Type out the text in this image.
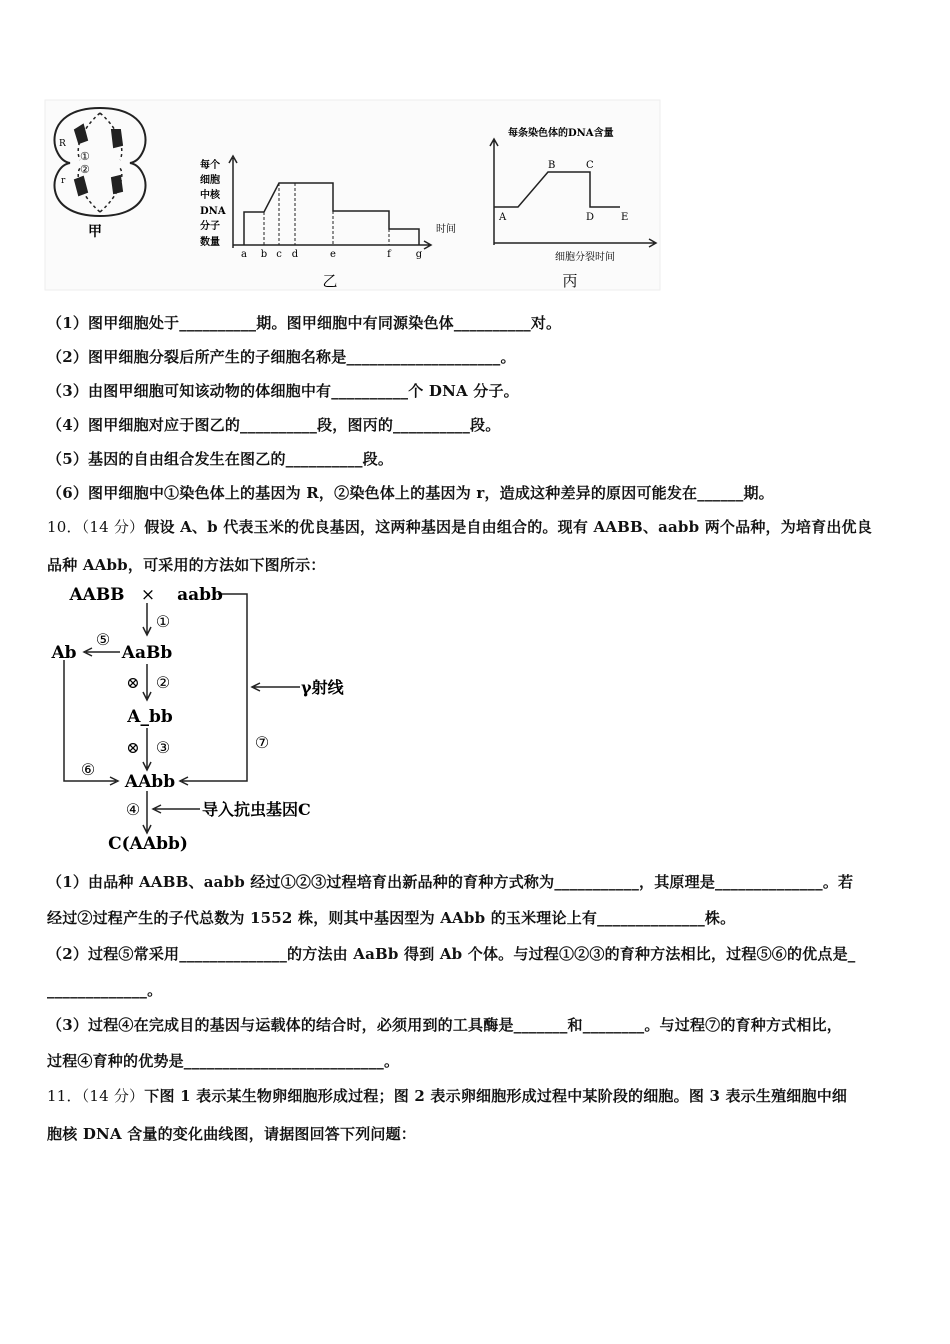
R
r
①
②
甲
每个
细胞
中核
DNA
分子
数量
时间
a b c d	e	f g
乙
每条染色体的DNA含量
A
B	C
D	E
细胞分裂时间
丙
（1）图甲细胞处于__________期。图甲细胞中有同源染色体__________对。
（2）图甲细胞分裂后所产生的子细胞名称是____________________。
（3）由图甲细胞可知该动物的体细胞中有__________个 DNA 分子。
（4）图甲细胞对应于图乙的__________段，图丙的__________段。
（5）基因的自由组合发生在图乙的__________段。
（6）图甲细胞中①染色体上的基因为 R，②染色体上的基因为 r，造成这种差异的原因可能发在______期。
10．（14 分）假设 A、b 代表玉米的优良基因，这两种基因是自由组合的。现有 AABB、aabb 两个品种，为培育出优良
品种 AAbb，可采用的方法如下图所示：
AABB × aabb
AaBb
Ab
A_bb
AAbb
C(AAbb)
①
④
⑤
⑥
②
③	⑦
⊗
⊗
γ射线
导入抗虫基因C
（1）由品种 AABB、aabb 经过①②③过程培育出新品种的育种方式称为___________，其原理是______________。若
经过②过程产生的子代总数为 1552 株，则其中基因型为 AAbb 的玉米理论上有______________株。
（2）过程⑤常采用______________的方法由 AaBb 得到 Ab 个体。与过程①②③的育种方法相比，过程⑤⑥的优点是_
_____________。
（3）过程④在完成目的基因与运载体的结合时，必须用到的工具酶是_______和________。与过程⑦的育种方式相比，
过程④育种的优势是__________________________。
11．（14 分）下图 1 表示某生物卵细胞形成过程；图 2 表示卵细胞形成过程中某阶段的细胞。图 3 表示生殖细胞中细
胞核 DNA 含量的变化曲线图，请据图回答下列问题：
